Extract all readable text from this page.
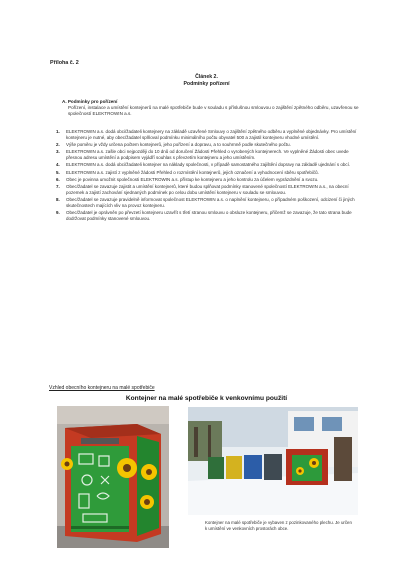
Příloha č. 2
Článek 2.
Podmínky pořízení
A. Podmínky pro pořízení
Pořízení, instalace a umístění kontejnerů na malé spotřebiče bude v souladu s příslušnou smlouvou o zajištění zpětného odběru, uzavřenou se společností ELEKTROWIN a.s.
1. ELEKTROWIN a.s. dodá obci/žadateli kontejnery na základě uzavřené Smlouvy o zajištění zpětného odběru a vyplněné objednávky. Pro umístění kontejneru je nutné, aby obec/žadatel splňoval podmínku minimálního počtu obyvatel 500 a zajistil kontejneru vhodné umístění.
2. Výše poměru je vždy určena počtem kontejnerů, jeho pořízení a dopravu, a to souhrnně podle skutečného počtu.
3. ELEKTROWIN a.s. zašle obci nejpozději do 10 dnů od doručení Žádosti Přehled o vyrobených kontejnerech. Ve vyplněné Žádosti obec uvede přesnou adresu umístění a podpisem vyjádří souhlas s převzetím kontejneru a jeho umístěním.
4. ELEKTROWIN a.s. dodá obci/žadateli kontejner na náklady společnosti, v případě samostatného zajištění dopravy na základě ujednání s obcí.
5. ELEKTROWIN a.s. zajistí z vyplněné žádosti Přehled o rozmístění kontejnerů, jejich označení a vyhodnocení sběru spotřebičů.
6. Obec je povinna umožnit společnosti ELEKTROWIN a.s. přístup ke kontejneru a jeho kontrolu za účelem vyprázdnění a svozu.
7. Obec/žadatel se zavazuje zajistit a umístění kontejnerů, které budou splňovat podmínky stanovené společností ELEKTROWIN a.s., na obecní pozemek a zajistí zachování sjednaných podmínek po celou dobu umístění kontejneru v souladu se smlouvou.
8. Obec/žadatel se zavazuje pravidelně informovat společnost ELEKTROWIN a.s. o naplnění kontejneru, o případném poškození, odcizení či jiných skutečnostech majících vliv na provoz kontejneru.
9. Obec/žadatel je oprávněn po převzetí kontejneru uzavřít s třetí stranou smlouvu o obsluze kontejneru, přičemž se zavazuje, že tato strana bude dodržovat podmínky stanovené smlouvou.
Vzhled obecního kontejneru na malé spotřebiče
Kontejner na malé spotřebiče k venkovnímu použití
Kontejner na malé spotřebiče je vybaven z pozinkovaného plechu. Je určen k umístění ve venkovních prostorách obce.
